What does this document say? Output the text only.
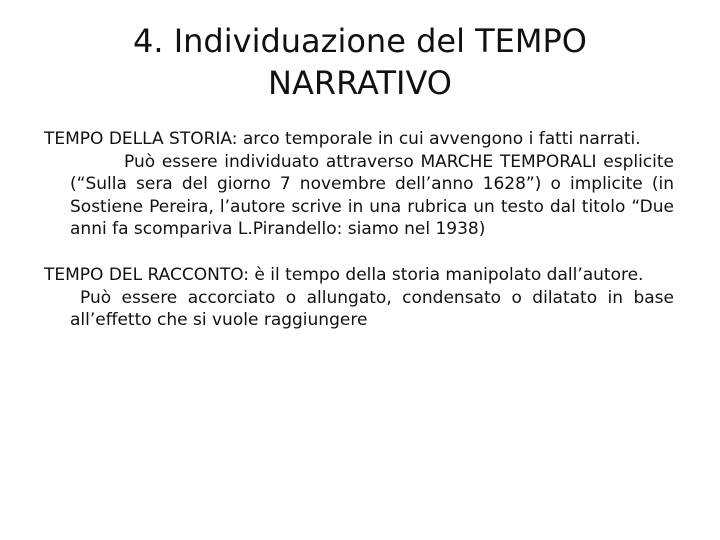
4. Individuazione del TEMPO
NARRATIVO

TEMPO DELLA STORIA: arco temporale in cui avvengono i fatti narrati.

Può essere individuato attraverso MARCHE TEMPORALI esplicite (“Sulla sera del giorno 7 novembre dell’anno 1628”) o implicite (in Sostiene Pereira, l’autore scrive in una rubrica un testo dal titolo “Due anni fa scompariva L.Pirandello: siamo nel 1938)

TEMPO DEL RACCONTO: è il tempo della storia manipolato dall’autore.

Può essere accorciato o allungato, condensato o dilatato in base all’effetto che si vuole raggiungere
